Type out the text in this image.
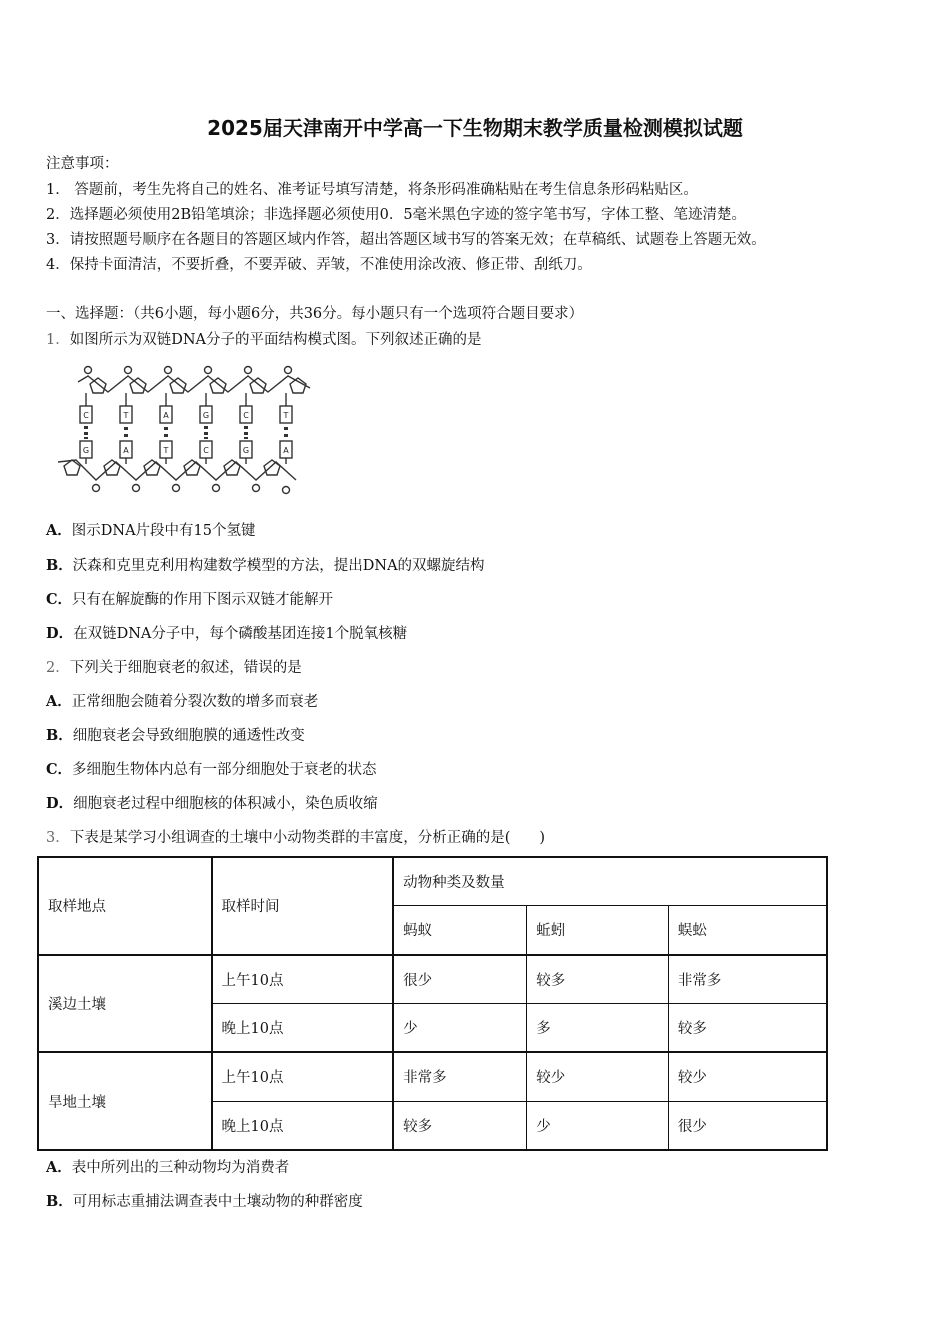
2025届天津南开中学高一下生物期末教学质量检测模拟试题
注意事项：
1． 答题前，考生先将自己的姓名、准考证号填写清楚，将条形码准确粘贴在考生信息条形码粘贴区。
2．选择题必须使用2B铅笔填涂；非选择题必须使用0．5毫米黑色字迹的签字笔书写，字体工整、笔迹清楚。
3．请按照题号顺序在各题目的答题区域内作答，超出答题区域书写的答案无效；在草稿纸、试题卷上答题无效。
4．保持卡面清洁，不要折叠，不要弄破、弄皱，不准使用涂改液、修正带、刮纸刀。
一、选择题：（共6小题，每小题6分，共36分。每小题只有一个选项符合题目要求）
1．如图所示为双链DNA分子的平面结构模式图。下列叙述正确的是
C	T	A	G	C	T
G	A	T	C	G	A
A．图示DNA片段中有15个氢键
B．沃森和克里克利用构建数学模型的方法，提出DNA的双螺旋结构
C．只有在解旋酶的作用下图示双链才能解开
D．在双链DNA分子中，每个磷酸基团连接1个脱氧核糖
2．下列关于细胞衰老的叙述，错误的是
A．正常细胞会随着分裂次数的增多而衰老
B．细胞衰老会导致细胞膜的通透性改变
C．多细胞生物体内总有一部分细胞处于衰老的状态
D．细胞衰老过程中细胞核的体积减小，染色质收缩
3．下表是某学习小组调查的土壤中小动物类群的丰富度，分析正确的是(　　)
取样地点	取样时间	动物种类及数量		
		蚂蚁	蚯蚓	蜈蚣
溪边土壤	上午10点	很少	较多	非常多
	晚上10点	少	多	较多
旱地土壤	上午10点	非常多	较少	较少
	晚上10点	较多	少	很少
A．表中所列出的三种动物均为消费者
B．可用标志重捕法调查表中土壤动物的种群密度
